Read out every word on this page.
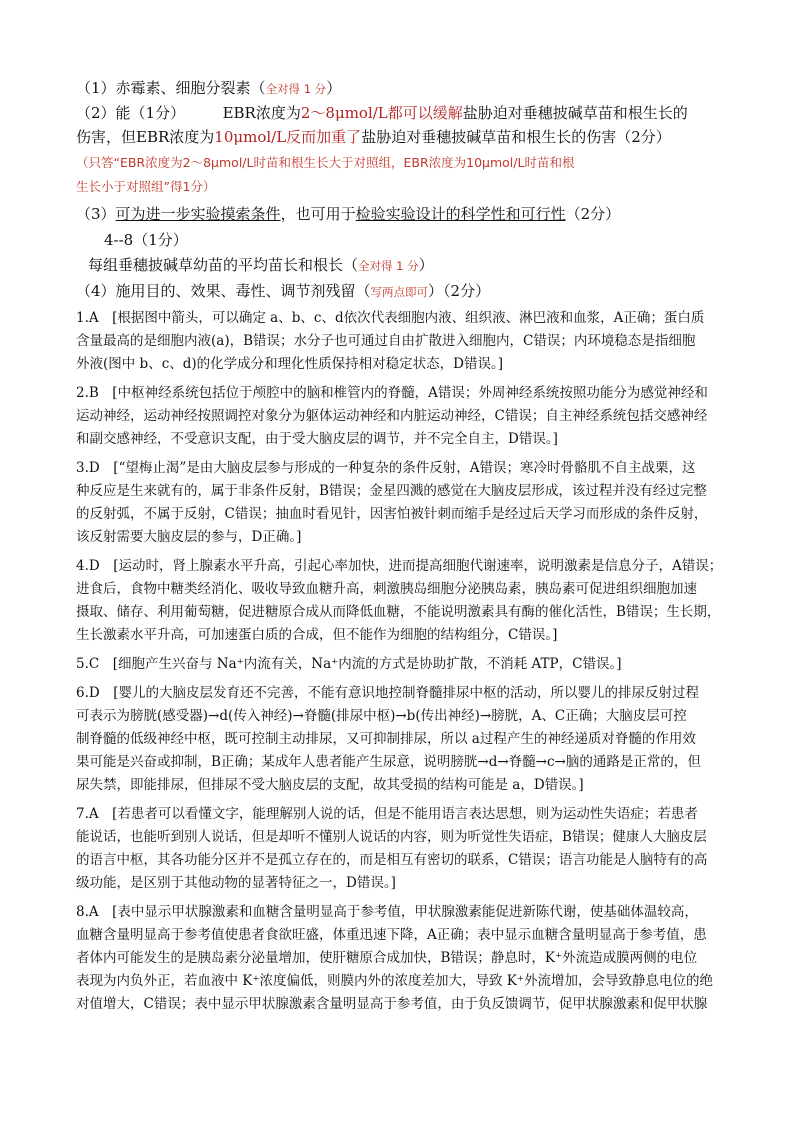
（1）赤霉素、细胞分裂素（全对得 1 分）
（2）能（1分）　　　EBR浓度为2～8μmol/L都可以缓解盐胁迫对垂穗披碱草苗和根生长的
伤害，但EBR浓度为10μmol/L反而加重了盐胁迫对垂穗披碱草苗和根生长的伤害（2分）
（只答“EBR浓度为2～8μmol/L时苗和根生长大于对照组，EBR浓度为10μmol/L时苗和根
生长小于对照组”得1分）
（3）可为进一步实验摸索条件，也可用于检验实验设计的科学性和可行性（2分）
4--8（1分）
每组垂穗披碱草幼苗的平均苗长和根长（全对得 1 分）
（4）施用目的、效果、毒性、调节剂残留（写两点即可）（2分）
1.A　[根据图中箭头，可以确定 a、b、c、d依次代表细胞内液、组织液、淋巴液和血浆，A正确；蛋白质
含量最高的是细胞内液(a)，B错误；水分子也可通过自由扩散进入细胞内，C错误；内环境稳态是指细胞
外液(图中 b、c、d)的化学成分和理化性质保持相对稳定状态，D错误。]
2.B　[中枢神经系统包括位于颅腔中的脑和椎管内的脊髓，A错误；外周神经系统按照功能分为感觉神经和
运动神经，运动神经按照调控对象分为躯体运动神经和内脏运动神经，C错误；自主神经系统包括交感神经
和副交感神经，不受意识支配，由于受大脑皮层的调节，并不完全自主，D错误。]
3.D　[“望梅止渴”是由大脑皮层参与形成的一种复杂的条件反射，A错误；寒冷时骨骼肌不自主战栗，这
种反应是生来就有的，属于非条件反射，B错误；金星四溅的感觉在大脑皮层形成，该过程并没有经过完整
的反射弧，不属于反射，C错误；抽血时看见针，因害怕被针刺而缩手是经过后天学习而形成的条件反射，
该反射需要大脑皮层的参与，D正确。]
4.D　[运动时，肾上腺素水平升高，引起心率加快，进而提高细胞代谢速率，说明激素是信息分子，A错误；
进食后，食物中糖类经消化、吸收导致血糖升高，刺激胰岛细胞分泌胰岛素，胰岛素可促进组织细胞加速
摄取、储存、利用葡萄糖，促进糖原合成从而降低血糖，不能说明激素具有酶的催化活性，B错误；生长期，
生长激素水平升高，可加速蛋白质的合成，但不能作为细胞的结构组分，C错误。]
5.C　[细胞产生兴奋与 Na⁺内流有关，Na⁺内流的方式是协助扩散，不消耗 ATP，C错误。]
6.D　[婴儿的大脑皮层发育还不完善，不能有意识地控制脊髓排尿中枢的活动，所以婴儿的排尿反射过程
可表示为膀胱(感受器)→d(传入神经)→脊髓(排尿中枢)→b(传出神经)→膀胱，A、C正确；大脑皮层可控
制脊髓的低级神经中枢，既可控制主动排尿，又可抑制排尿，所以 a过程产生的神经递质对脊髓的作用效
果可能是兴奋或抑制，B正确；某成年人患者能产生尿意，说明膀胱→d→脊髓→c→脑的通路是正常的，但
尿失禁，即能排尿，但排尿不受大脑皮层的支配，故其受损的结构可能是 a，D错误。]
7.A　[若患者可以看懂文字，能理解别人说的话，但是不能用语言表达思想，则为运动性失语症；若患者
能说话，也能听到别人说话，但是却听不懂别人说话的内容，则为听觉性失语症，B错误；健康人大脑皮层
的语言中枢，其各功能分区并不是孤立存在的，而是相互有密切的联系，C错误；语言功能是人脑特有的高
级功能，是区别于其他动物的显著特征之一，D错误。]
8.A　[表中显示甲状腺激素和血糖含量明显高于参考值，甲状腺激素能促进新陈代谢，使基础体温较高，
血糖含量明显高于参考值使患者食欲旺盛，体重迅速下降，A正确；表中显示血糖含量明显高于参考值，患
者体内可能发生的是胰岛素分泌量增加，使肝糖原合成加快，B错误；静息时，K⁺外流造成膜两侧的电位
表现为内负外正，若血液中 K⁺浓度偏低，则膜内外的浓度差加大，导致 K⁺外流增加，会导致静息电位的绝
对值增大，C错误；表中显示甲状腺激素含量明显高于参考值，由于负反馈调节，促甲状腺激素和促甲状腺
